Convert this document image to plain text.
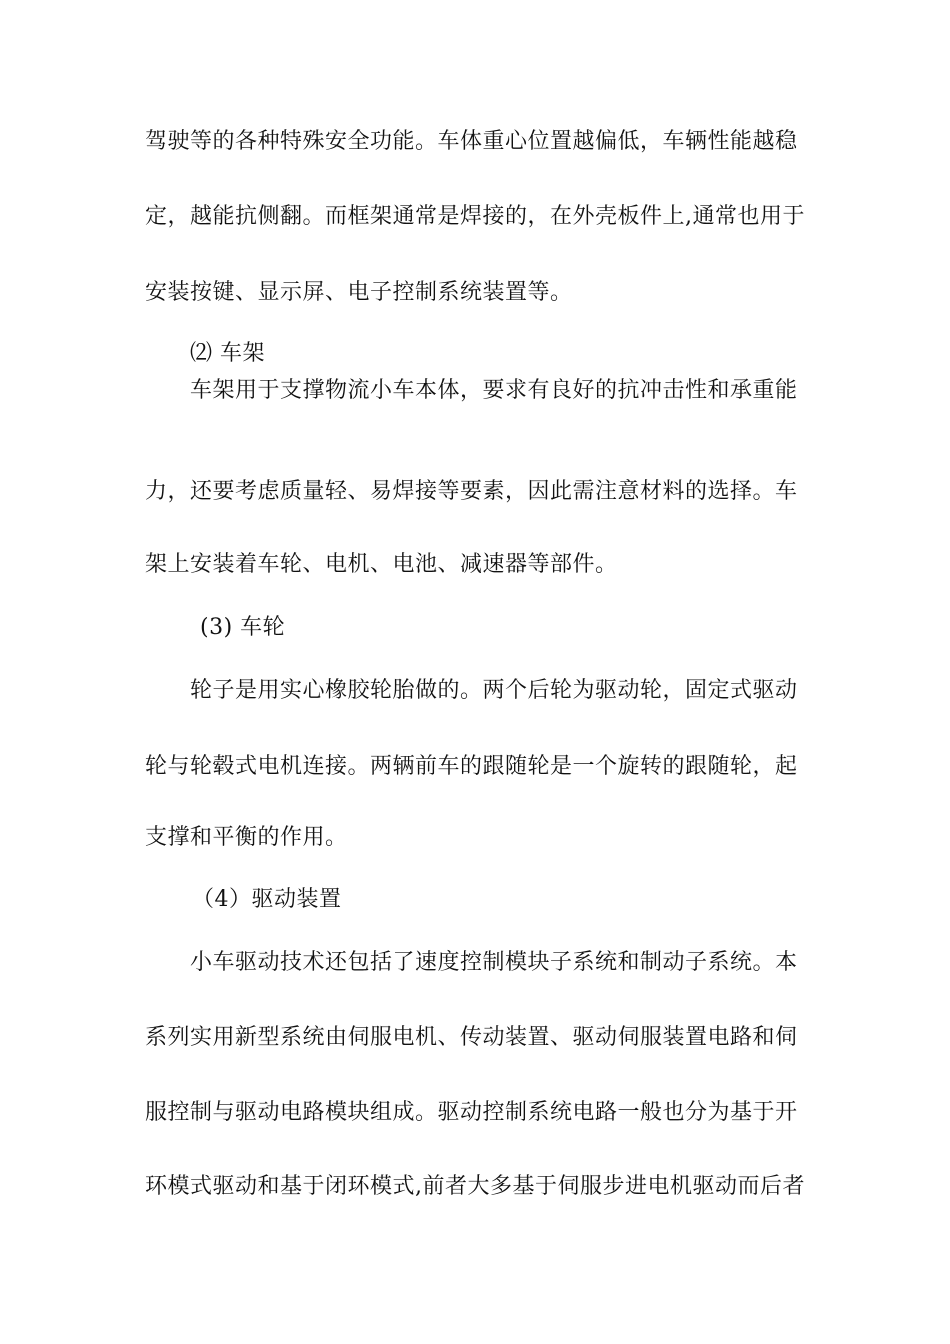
驾驶等的各种特殊安全功能。车体重心位置越偏低，车辆性能越稳
定，越能抗侧翻。而框架通常是焊接的，在外壳板件上,通常也用于
安装按键、显示屏、电子控制系统装置等。
⑵ 车架
车架用于支撑物流小车本体，要求有良好的抗冲击性和承重能
力，还要考虑质量轻、易焊接等要素，因此需注意材料的选择。车
架上安装着车轮、电机、电池、减速器等部件。
(3) 车轮
轮子是用实心橡胶轮胎做的。两个后轮为驱动轮，固定式驱动
轮与轮毂式电机连接。两辆前车的跟随轮是一个旋转的跟随轮，起
支撑和平衡的作用。
（4）驱动装置
小车驱动技术还包括了速度控制模块子系统和制动子系统。本
系列实用新型系统由伺服电机、传动装置、驱动伺服装置电路和伺
服控制与驱动电路模块组成。驱动控制系统电路一般也分为基于开
环模式驱动和基于闭环模式,前者大多基于伺服步进电机驱动而后者
